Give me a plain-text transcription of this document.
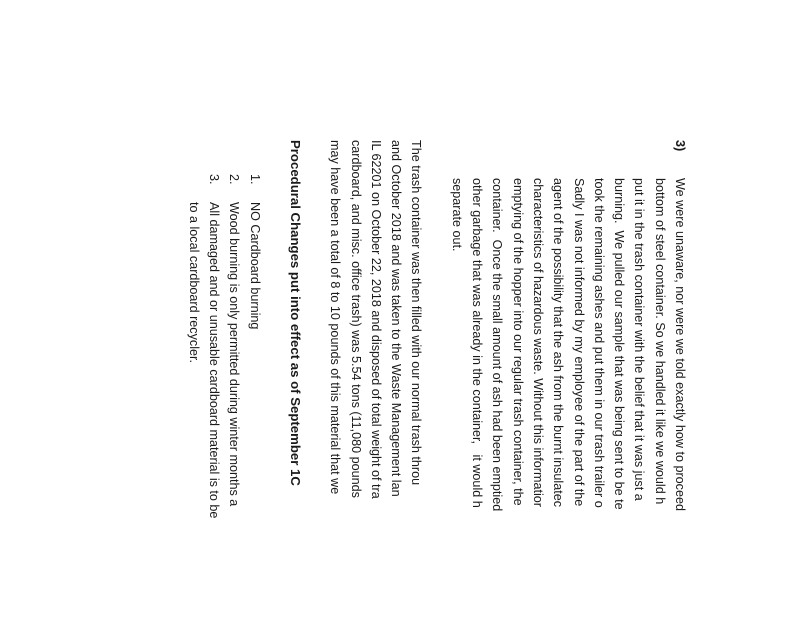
3)
We were unaware, nor were we told exactly how to proceed
bottom of steel container. So we handled it like we would h
put it in the trash container with the belief that it was just a
burning.  We pulled our sample that was being sent to be te
took the remaining ashes and put them in our trash trailer o
Sadly I was not informed by my employee of the part of the
agent of the possibility that the ash from the burnt insulatec
characteristics of hazardous waste. Without this informatior
emptying of the hopper into our regular trash container, the
container.  Once the small amount of ash had been emptied
other garbage that was already in the container,   it would h
separate out.
The trash container was then filled with our normal trash throu
and October 2018 and was taken to the Waste Management lan
IL 62201 on October 22, 2018 and disposed of total weight of tra
cardboard, and misc. office trash) was 5.54 tons (11,080 pounds
may have been a total of 8 to 10 pounds of this material that we
Procedural Changes put into effect as of September 1C
1.
NO Cardboard burning
2.
Wood burning is only permitted during winter months a
3.
All damaged and or unusable cardboard material is to be
to a local cardboard recycler.
